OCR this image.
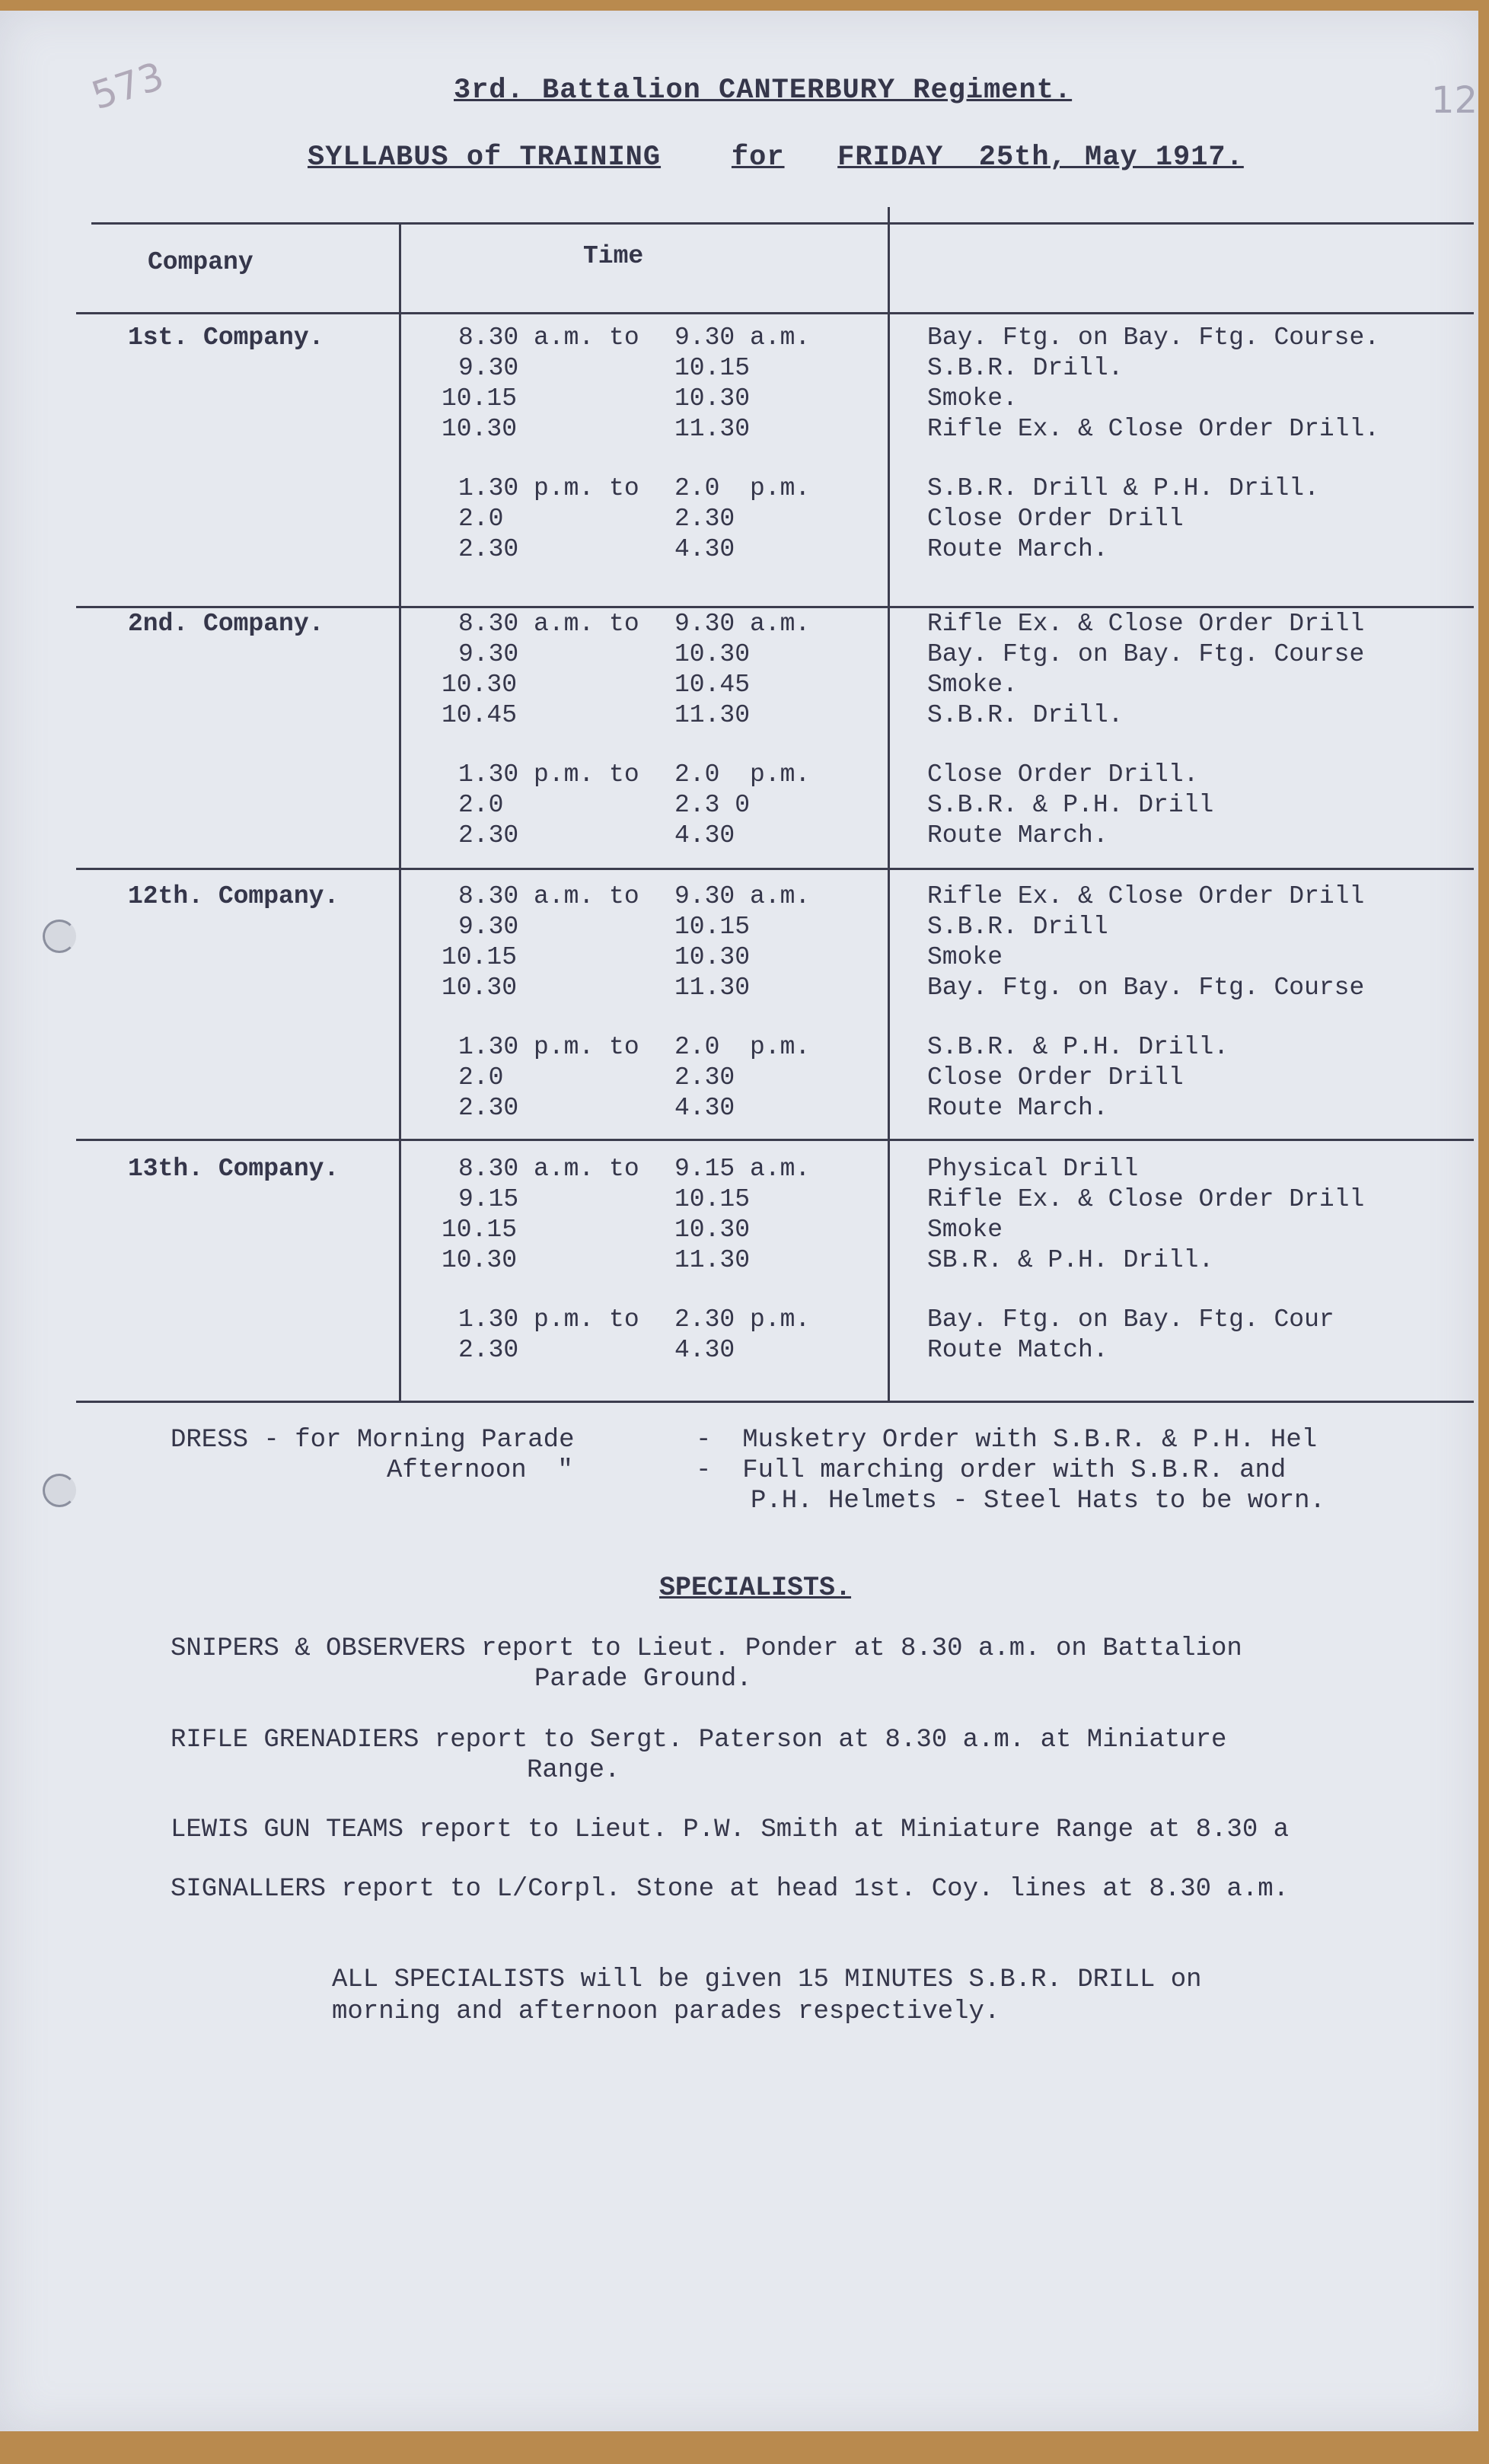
573	12
3rd. Battalion CANTERBURY Regiment.
SYLLABUS of TRAINING	for FRIDAY  25th, May 1917.
Company	Time
1st. Company.	8.30 a.m. to 9.30 a.m.	Bay. Ftg. on Bay. Ftg. Course.
9.30	10.15	S.B.R. Drill.
10.15	10.30	Smoke.
10.30	11.30	Rifle Ex. & Close Order Drill.
1.30 p.m. to 2.0  p.m.	S.B.R. Drill & P.H. Drill.
2.0	2.30	Close Order Drill
2.30	4.30	Route March.
2nd. Company.	8.30 a.m. to 9.30 a.m.	Rifle Ex. & Close Order Drill
9.30	10.30	Bay. Ftg. on Bay. Ftg. Course
10.30	10.45	Smoke.
10.45	11.30	S.B.R. Drill.
1.30 p.m. to 2.0  p.m.	Close Order Drill.
2.0	2.3 0	S.B.R. & P.H. Drill
2.30	4.30	Route March.
12th. Company.	8.30 a.m. to 9.30 a.m.	Rifle Ex. & Close Order Drill
9.30	10.15	S.B.R. Drill
10.15	10.30	Smoke
10.30	11.30	Bay. Ftg. on Bay. Ftg. Course
1.30 p.m. to 2.0  p.m.	S.B.R. & P.H. Drill.
2.0	2.30	Close Order Drill
2.30	4.30	Route March.
13th. Company.	8.30 a.m. to 9.15 a.m.	Physical Drill
9.15	10.15	Rifle Ex. & Close Order Drill
10.15	10.30	Smoke
10.30	11.30	SB.R. & P.H. Drill.
1.30 p.m. to 2.30 p.m.	Bay. Ftg. on Bay. Ftg. Cour
2.30	4.30	Route Match.
DRESS - for Morning Parade
Afternoon  "
-  Musketry Order with S.B.R. & P.H. Hel
-  Full marching order with S.B.R. and
P.H. Helmets - Steel Hats to be worn.
SPECIALISTS.
SNIPERS & OBSERVERS report to Lieut. Ponder at 8.30 a.m. on Battalion
Parade Ground.
RIFLE GRENADIERS report to Sergt. Paterson at 8.30 a.m. at Miniature
Range.
LEWIS GUN TEAMS report to Lieut. P.W. Smith at Miniature Range at 8.30 a
SIGNALLERS report to L/Corpl. Stone at head 1st. Coy. lines at 8.30 a.m.
ALL SPECIALISTS will be given 15 MINUTES S.B.R. DRILL on
morning and afternoon parades respectively.
